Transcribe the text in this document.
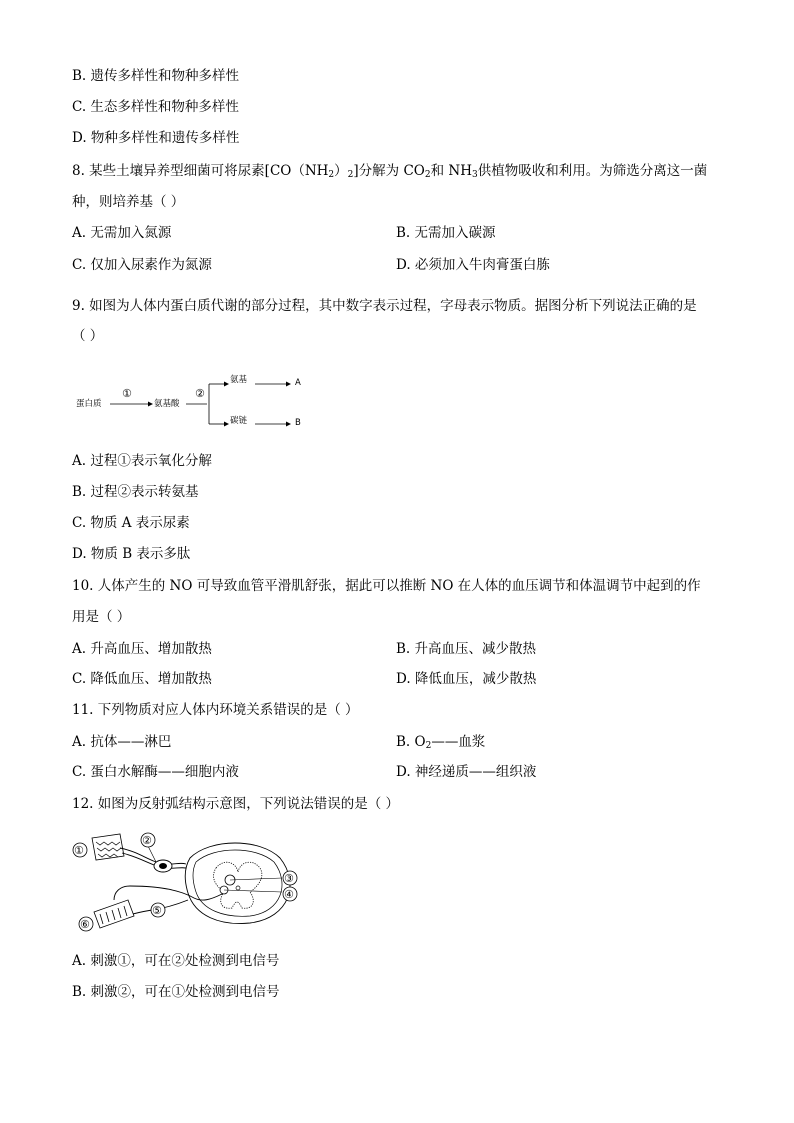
B. 遗传多样性和物种多样性
C. 生态多样性和物种多样性
D. 物种多样性和遗传多样性
8. 某些土壤异养型细菌可将尿素$[CO(NH_2)_2]$分解为 $CO_2$和 $NH_3$供植物吸收和利用。为筛选分离这一菌
种，则培养基（ ）
A. 无需加入氮源	B. 无需加入碳源
C. 仅加入尿素作为氮源	D. 必须加入牛肉膏蛋白胨
9. 如图为人体内蛋白质代谢的部分过程，其中数字表示过程，字母表示物质。据图分析下列说法正确的是
（ ）
蛋白质
①
氨基酸
②
氨基	A
碳链	B
A. 过程①表示氧化分解
B. 过程②表示转氨基
C. 物质 A 表示尿素
D. 物质 B 表示多肽
10. 人体产生的 NO 可导致血管平滑肌舒张，据此可以推断 NO 在人体的血压调节和体温调节中起到的作
用是（ ）
A. 升高血压、增加散热	B. 升高血压、减少散热
C. 降低血压、增加散热	D. 降低血压，减少散热
11. 下列物质对应人体内环境关系错误的是（ ）
A. 抗体——淋巴	B. $O_2——$血浆
C. 蛋白水解酶——细胞内液	D. 神经递质——组织液
12. 如图为反射弧结构示意图，下列说法错误的是（ ）
①
②
③
④
⑤
⑥
A. 刺激①，可在②处检测到电信号
B. 刺激②，可在①处检测到电信号
